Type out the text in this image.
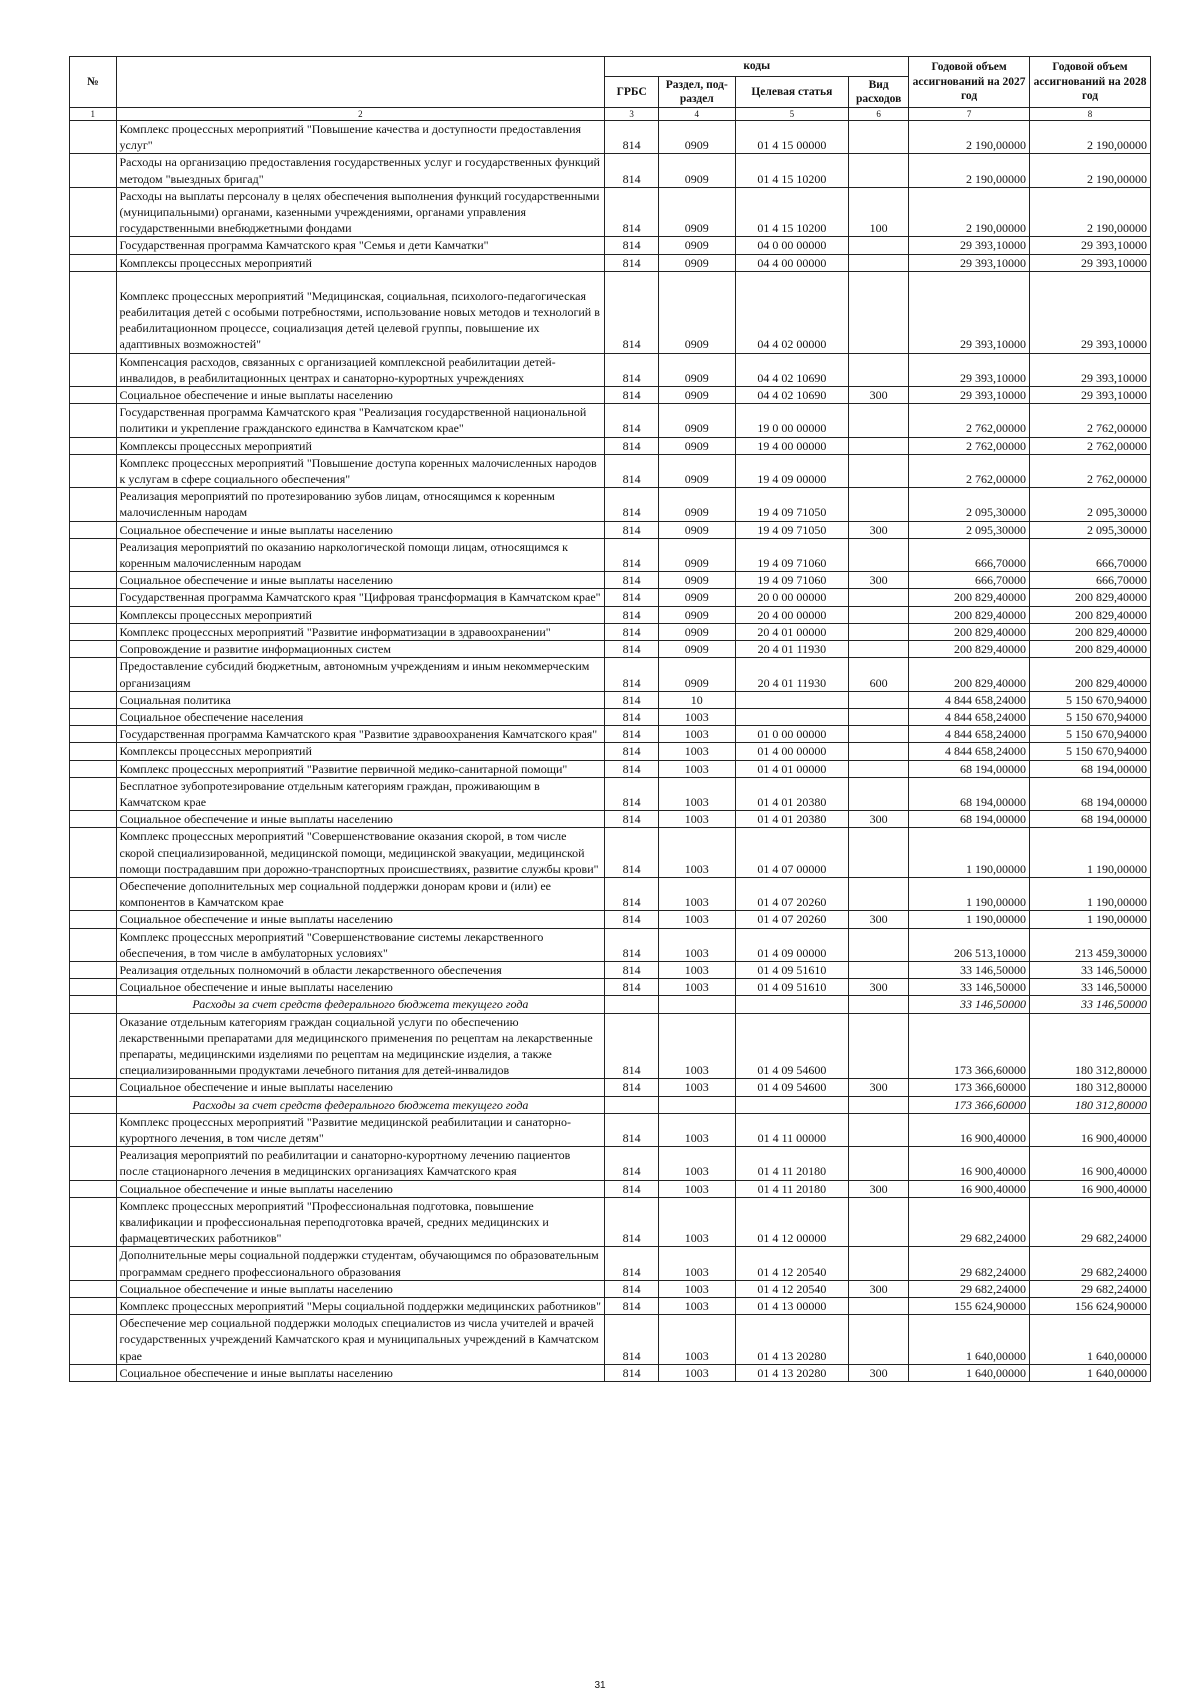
№		коды				Годовой объем ассигнований на 2027 год	Годовой объем ассигнований на 2028 год
		ГРБС	Раздел, под-раздел	Целевая статья	Вид расходов		
1	2	3	4	5	6	7	8
	Комплекс процессных мероприятий "Повышение качества и доступности предоставления услуг"	814	0909	01 4 15 00000		2 190,00000	2 190,00000
	Расходы на организацию предоставления государственных услуг и государственных функций методом "выездных бригад"	814	0909	01 4 15 10200		2 190,00000	2 190,00000
	Расходы на выплаты персоналу в целях обеспечения выполнения функций государственными (муниципальными) органами, казенными учреждениями, органами управления государственными внебюджетными фондами	814	0909	01 4 15 10200	100	2 190,00000	2 190,00000
	Государственная программа Камчатского края "Семья и дети Камчатки"	814	0909	04 0 00 00000		29 393,10000	29 393,10000
	Комплексы процессных мероприятий	814	0909	04 4 00 00000		29 393,10000	29 393,10000
	Комплекс процессных мероприятий "Медицинская, социальная, психолого-педагогическая реабилитация детей с особыми потребностями, использование новых методов и технологий в реабилитационном процессе, социализация детей целевой группы, повышение их адаптивных возможностей"	814	0909	04 4 02 00000		29 393,10000	29 393,10000
	Компенсация расходов, связанных с организацией комплексной реабилитации детей-инвалидов, в реабилитационных центрах и санаторно-курортных учреждениях	814	0909	04 4 02 10690		29 393,10000	29 393,10000
	Социальное обеспечение и иные выплаты населению	814	0909	04 4 02 10690	300	29 393,10000	29 393,10000
	Государственная программа Камчатского края "Реализация государственной национальной политики и укрепление гражданского единства в Камчатском крае"	814	0909	19 0 00 00000		2 762,00000	2 762,00000
	Комплексы процессных мероприятий	814	0909	19 4 00 00000		2 762,00000	2 762,00000
	Комплекс процессных мероприятий "Повышение доступа коренных малочисленных народов к услугам в сфере социального обеспечения"	814	0909	19 4 09 00000		2 762,00000	2 762,00000
	Реализация мероприятий по протезированию зубов лицам, относящимся к коренным малочисленным народам	814	0909	19 4 09 71050		2 095,30000	2 095,30000
	Социальное обеспечение и иные выплаты населению	814	0909	19 4 09 71050	300	2 095,30000	2 095,30000
	Реализация мероприятий по оказанию наркологической помощи лицам, относящимся к коренным малочисленным народам	814	0909	19 4 09 71060		666,70000	666,70000
	Социальное обеспечение и иные выплаты населению	814	0909	19 4 09 71060	300	666,70000	666,70000
	Государственная программа Камчатского края "Цифровая трансформация в Камчатском крае"	814	0909	20 0 00 00000		200 829,40000	200 829,40000
	Комплексы процессных мероприятий	814	0909	20 4 00 00000		200 829,40000	200 829,40000
	Комплекс процессных мероприятий "Развитие информатизации в здравоохранении"	814	0909	20 4 01 00000		200 829,40000	200 829,40000
	Сопровождение и развитие информационных систем	814	0909	20 4 01 11930		200 829,40000	200 829,40000
	Предоставление субсидий бюджетным, автономным учреждениям и иным некоммерческим организациям	814	0909	20 4 01 11930	600	200 829,40000	200 829,40000
	Социальная политика	814	10			4 844 658,24000	5 150 670,94000
	Социальное обеспечение населения	814	1003			4 844 658,24000	5 150 670,94000
	Государственная программа Камчатского края "Развитие здравоохранения Камчатского края"	814	1003	01 0 00 00000		4 844 658,24000	5 150 670,94000
	Комплексы процессных мероприятий	814	1003	01 4 00 00000		4 844 658,24000	5 150 670,94000
	Комплекс процессных мероприятий "Развитие первичной медико-санитарной помощи"	814	1003	01 4 01 00000		68 194,00000	68 194,00000
	Бесплатное зубопротезирование отдельным категориям граждан, проживающим в Камчатском крае	814	1003	01 4 01 20380		68 194,00000	68 194,00000
	Социальное обеспечение и иные выплаты населению	814	1003	01 4 01 20380	300	68 194,00000	68 194,00000
	Комплекс процессных мероприятий "Совершенствование оказания скорой, в том числе скорой специализированной, медицинской помощи, медицинской эвакуации, медицинской помощи пострадавшим при дорожно-транспортных происшествиях, развитие службы крови"	814	1003	01 4 07 00000		1 190,00000	1 190,00000
	Обеспечение дополнительных мер социальной поддержки донорам крови и (или) ее компонентов в Камчатском крае	814	1003	01 4 07 20260		1 190,00000	1 190,00000
	Социальное обеспечение и иные выплаты населению	814	1003	01 4 07 20260	300	1 190,00000	1 190,00000
	Комплекс процессных мероприятий "Совершенствование системы лекарственного обеспечения, в том числе в амбулаторных условиях"	814	1003	01 4 09 00000		206 513,10000	213 459,30000
	Реализация отдельных полномочий в области лекарственного обеспечения	814	1003	01 4 09 51610		33 146,50000	33 146,50000
	Социальное обеспечение и иные выплаты населению	814	1003	01 4 09 51610	300	33 146,50000	33 146,50000
	Расходы за счет средств федерального бюджета текущего года					33 146,50000	33 146,50000
	Оказание отдельным категориям граждан социальной услуги по обеспечению лекарственными препаратами для медицинского применения по рецептам на лекарственные препараты, медицинскими изделиями по рецептам на медицинские изделия, а также специализированными продуктами лечебного питания для детей-инвалидов	814	1003	01 4 09 54600		173 366,60000	180 312,80000
	Социальное обеспечение и иные выплаты населению	814	1003	01 4 09 54600	300	173 366,60000	180 312,80000
	Расходы за счет средств федерального бюджета текущего года					173 366,60000	180 312,80000
	Комплекс процессных мероприятий "Развитие медицинской реабилитации и санаторно-курортного лечения, в том числе детям"	814	1003	01 4 11 00000		16 900,40000	16 900,40000
	Реализация мероприятий по реабилитации и санаторно-курортному лечению пациентов после стационарного лечения в медицинских организациях Камчатского края	814	1003	01 4 11 20180		16 900,40000	16 900,40000
	Социальное обеспечение и иные выплаты населению	814	1003	01 4 11 20180	300	16 900,40000	16 900,40000
	Комплекс процессных мероприятий "Профессиональная подготовка, повышение квалификации и профессиональная переподготовка врачей, средних медицинских и фармацевтических работников"	814	1003	01 4 12 00000		29 682,24000	29 682,24000
	Дополнительные меры социальной поддержки студентам, обучающимся по образовательным программам среднего профессионального образования	814	1003	01 4 12 20540		29 682,24000	29 682,24000
	Социальное обеспечение и иные выплаты населению	814	1003	01 4 12 20540	300	29 682,24000	29 682,24000
	Комплекс процессных мероприятий "Меры социальной поддержки медицинских работников"	814	1003	01 4 13 00000		155 624,90000	156 624,90000
	Обеспечение мер социальной поддержки молодых специалистов из числа учителей и врачей государственных учреждений Камчатского края и муниципальных учреждений в Камчатском крае	814	1003	01 4 13 20280		1 640,00000	1 640,00000
	Социальное обеспечение и иные выплаты населению	814	1003	01 4 13 20280	300	1 640,00000	1 640,00000
31
